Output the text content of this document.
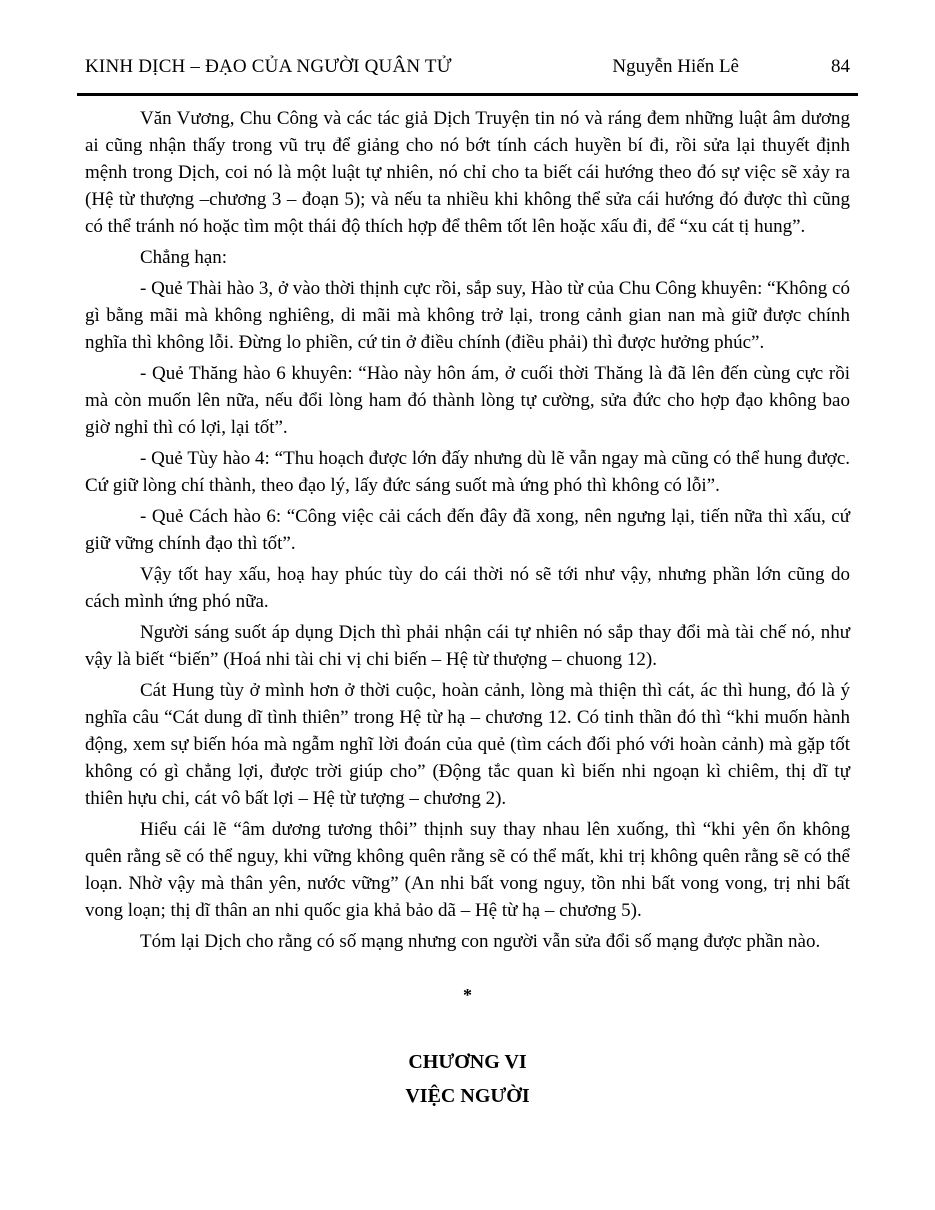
KINH DỊCH – ĐẠO CỦA NGƯỜI QUÂN TỬ	Nguyễn Hiến Lê	84

Văn Vương, Chu Công và các tác giả Dịch Truyện tin nó và ráng đem những luật âm dương ai cũng nhận thấy trong vũ trụ để giảng cho nó bớt tính cách huyền bí đi, rồi sửa lại thuyết định mệnh trong Dịch, coi nó là một luật tự nhiên, nó chỉ cho ta biết cái hướng theo đó sự việc sẽ xảy ra (Hệ từ thượng –chương 3 – đoạn 5); và nếu ta nhiều khi không thể sửa cái hướng đó được thì cũng có thể tránh nó hoặc tìm một thái độ thích hợp để thêm tốt lên hoặc xấu đi, để “xu cát tị hung”.

Chẳng hạn:

- Quẻ Thài hào 3, ở vào thời thịnh cực rồi, sắp suy, Hào từ của Chu Công khuyên: “Không có gì bằng mãi mà không nghiêng, di mãi mà không trở lại, trong cảnh gian nan mà giữ được chính nghĩa thì không lỗi. Đừng lo phiền, cứ tin ở điều chính (điều phải) thì được hưởng phúc”.

- Quẻ Thăng hào 6 khuyên: “Hào này hôn ám, ở cuối thời Thăng là đã lên đến cùng cực rồi mà còn muốn lên nữa, nếu đổi lòng ham đó thành lòng tự cường, sửa đức cho hợp đạo không bao giờ nghỉ thì có lợi, lại tốt”.

- Quẻ Tùy hào 4: “Thu hoạch được lớn đấy nhưng dù lẽ vẫn ngay mà cũng có thể hung được. Cứ giữ lòng chí thành, theo đạo lý, lấy đức sáng suốt mà ứng phó thì không có lỗi”.

- Quẻ Cách hào 6: “Công việc cải cách đến đây đã xong, nên ngưng lại, tiến nữa thì xấu, cứ giữ vững chính đạo thì tốt”.

Vậy tốt hay xấu, hoạ hay phúc tùy do cái thời nó sẽ tới như vậy, nhưng phần lớn cũng do cách mình ứng phó nữa.

Người sáng suốt áp dụng Dịch thì phải nhận cái tự nhiên nó sắp thay đổi mà tài chế nó, như vậy là biết “biến” (Hoá nhi tài chi vị chi biến – Hệ từ thượng – chuong 12).

Cát Hung tùy ở mình hơn ở thời cuộc, hoàn cảnh, lòng mà thiện thì cát, ác thì hung, đó là ý nghĩa câu “Cát dung dĩ tình thiên” trong Hệ từ hạ – chương 12. Có tinh thần đó thì “khi muốn hành động, xem sự biến hóa mà ngẫm nghĩ lời đoán của quẻ (tìm cách đối phó với hoàn cảnh) mà gặp tốt không có gì chẳng lợi, được trời giúp cho” (Động tắc quan kì biến nhi ngoạn kì chiêm, thị dĩ tự thiên hựu chi, cát vô bất lợi – Hệ từ tượng – chương 2).

Hiểu cái lẽ “âm dương tương thôi” thịnh suy thay nhau lên xuống, thì “khi yên ổn không quên rằng sẽ có thể nguy, khi vững không quên rằng sẽ có thể mất, khi trị không quên rằng sẽ có thể loạn. Nhờ vậy mà thân yên, nước vững” (An nhi bất vong nguy, tồn nhi bất vong vong, trị nhi bất vong loạn; thị dĩ thân an nhi quốc gia khả bảo dã – Hệ từ hạ – chương 5).

Tóm lại Dịch cho rằng có số mạng nhưng con người vẫn sửa đổi số mạng được phần nào.

*
CHƯƠNG VI
VIỆC NGƯỜI
